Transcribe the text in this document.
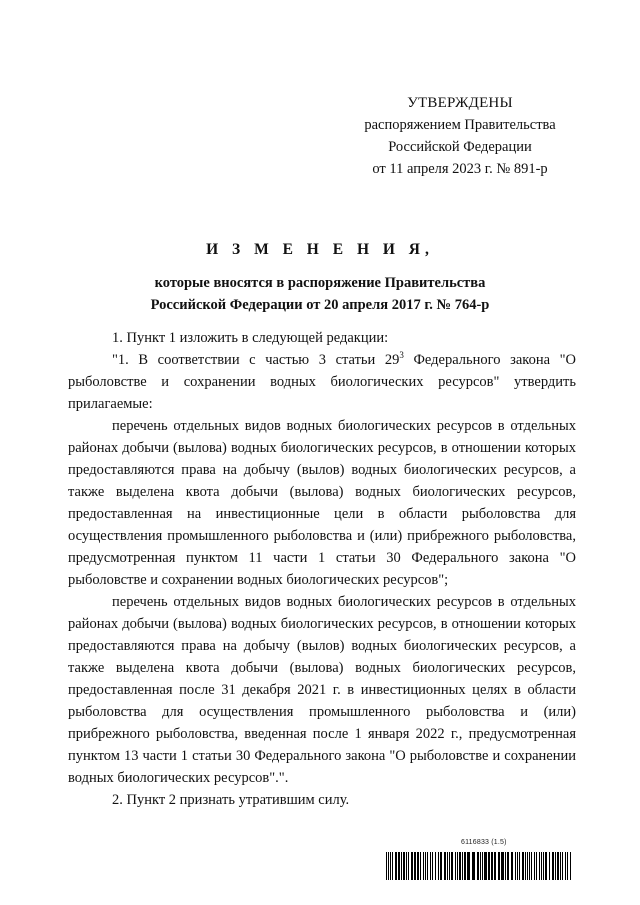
УТВЕРЖДЕНЫ
распоряжением Правительства
Российской Федерации
от 11 апреля 2023 г. № 891-р
И З М Е Н Е Н И Я,
которые вносятся в распоряжение Правительства
Российской Федерации от 20 апреля 2017 г. № 764-р

1. Пункт 1 изложить в следующей редакции:

"1. В соответствии с частью 3 статьи $29^3$ Федерального закона "О рыболовстве и сохранении водных биологических ресурсов" утвердить прилагаемые:

перечень отдельных видов водных биологических ресурсов в отдельных районах добычи (вылова) водных биологических ресурсов, в отношении которых предоставляются права на добычу (вылов) водных биологических ресурсов, а также выделена квота добычи (вылова) водных биологических ресурсов, предоставленная на инвестиционные цели в области рыболовства для осуществления промышленного рыболовства и (или) прибрежного рыболовства, предусмотренная пунктом 11 части 1 статьи 30 Федерального закона "О рыболовстве и сохранении водных биологических ресурсов";

перечень отдельных видов водных биологических ресурсов в отдельных районах добычи (вылова) водных биологических ресурсов, в отношении которых предоставляются права на добычу (вылов) водных биологических ресурсов, а также выделена квота добычи (вылова) водных биологических ресурсов, предоставленная после 31 декабря 2021 г. в инвестиционных целях в области рыболовства для осуществления промышленного рыболовства и (или) прибрежного рыболовства, введенная после 1 января 2022 г., предусмотренная пунктом 13 части 1 статьи 30 Федерального закона "О рыболовстве и сохранении водных биологических ресурсов".".

2. Пункт 2 признать утратившим силу.

6116833 (1.5)
